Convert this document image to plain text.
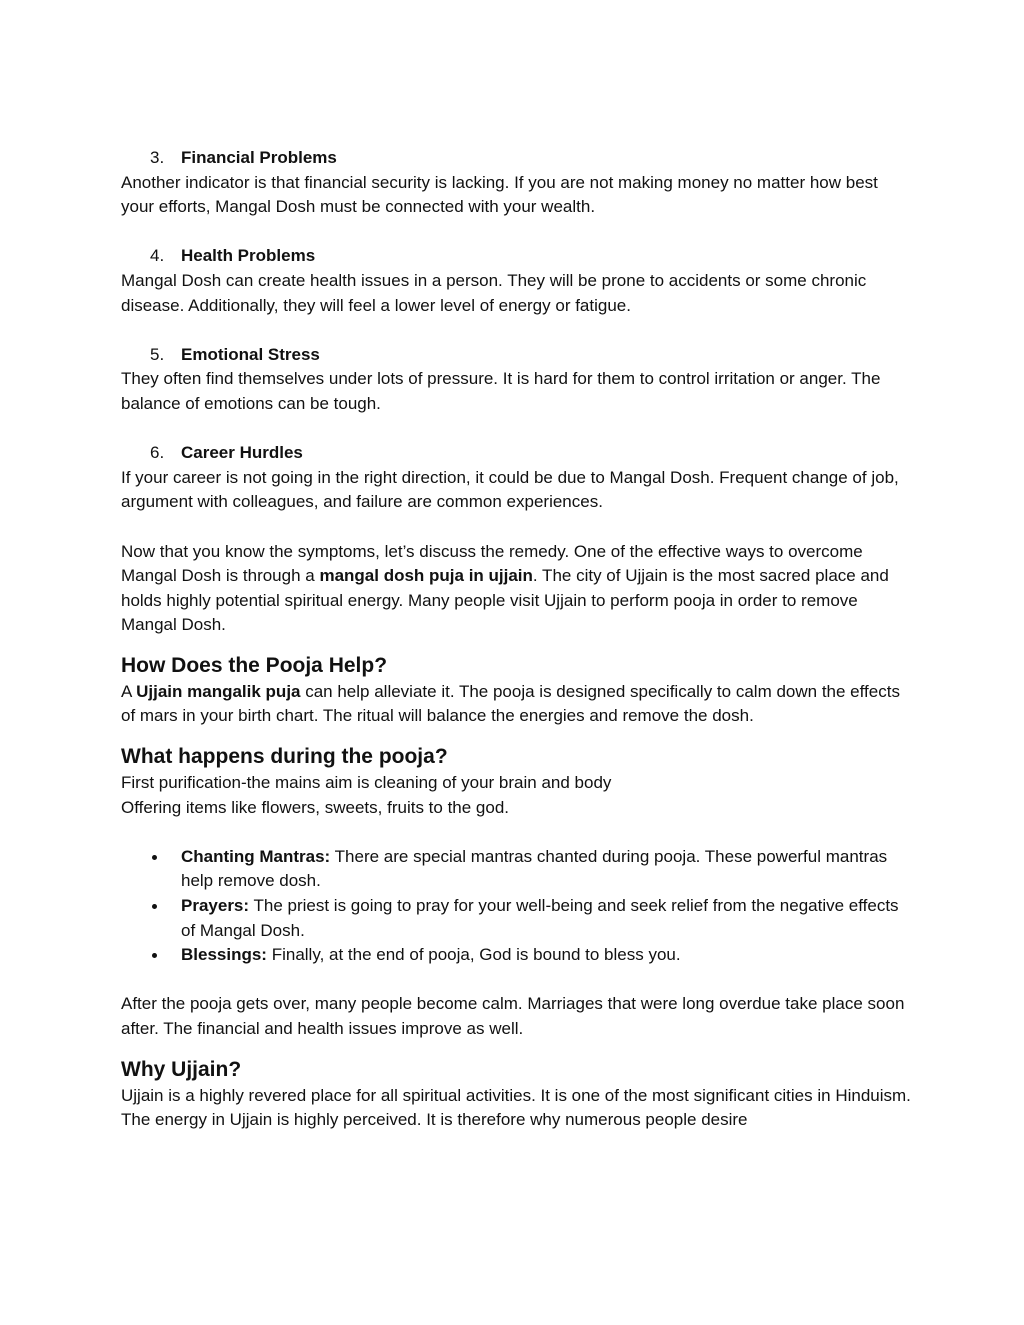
3. Financial Problems

Another indicator is that financial security is lacking. If you are not making money no matter how best your efforts, Mangal Dosh must be connected with your wealth.

4. Health Problems

Mangal Dosh can create health issues in a person. They will be prone to accidents or some chronic disease. Additionally, they will feel a lower level of energy or fatigue.

5. Emotional Stress

They often find themselves under lots of pressure. It is hard for them to control irritation or anger. The balance of emotions can be tough.

6. Career Hurdles

If your career is not going in the right direction, it could be due to Mangal Dosh. Frequent change of job, argument with colleagues, and failure are common experiences.

Now that you know the symptoms, let’s discuss the remedy. One of the effective ways to overcome Mangal Dosh is through a mangal dosh puja in ujjain. The city of Ujjain is the most sacred place and holds highly potential spiritual energy. Many people visit Ujjain to perform pooja in order to remove Mangal Dosh.

How Does the Pooja Help?

A Ujjain mangalik puja can help alleviate it. The pooja is designed specifically to calm down the effects of mars in your birth chart. The ritual will balance the energies and remove the dosh.

What happens during the pooja?

First purification-the mains aim is cleaning of your brain and body

Offering items like flowers, sweets, fruits to the god.

Chanting Mantras: There are special mantras chanted during pooja. These powerful mantras help remove dosh.
Prayers: The priest is going to pray for your well-being and seek relief from the negative effects of Mangal Dosh.
Blessings: Finally, at the end of pooja, God is bound to bless you.

After the pooja gets over, many people become calm. Marriages that were long overdue take place soon after. The financial and health issues improve as well.

Why Ujjain?

Ujjain is a highly revered place for all spiritual activities. It is one of the most significant cities in Hinduism. The energy in Ujjain is highly perceived. It is therefore why numerous people desire
